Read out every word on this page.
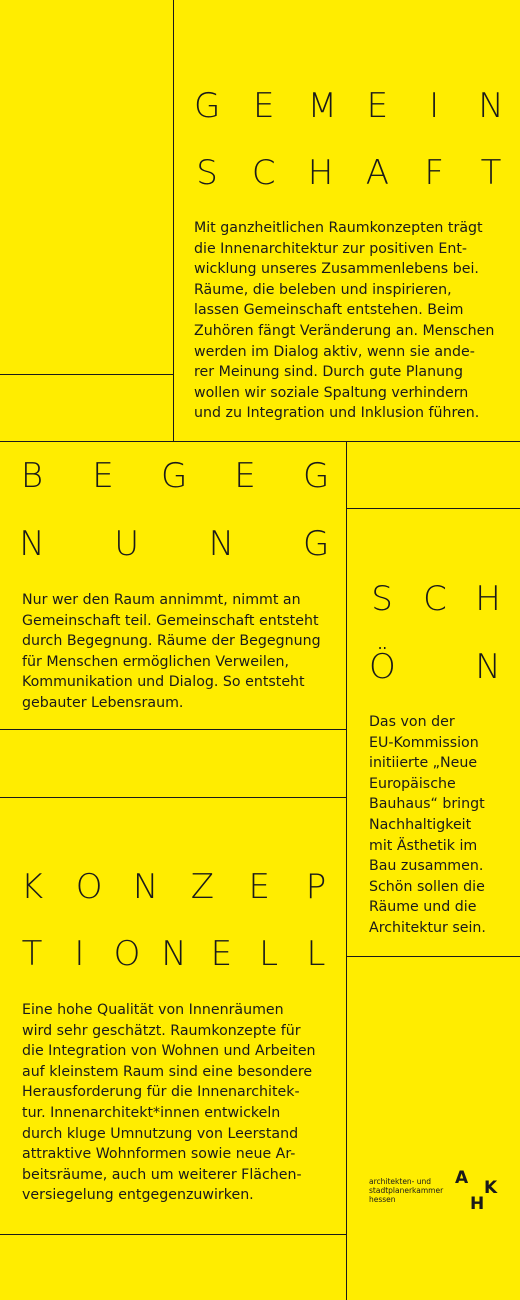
G E M E I N
S C H A F T
Mit ganzheitlichen Raumkonzepten trägt
die Innenarchitektur zur positiven Ent-
wicklung unseres Zusammenlebens bei.
Räume, die beleben und inspirieren,
lassen Gemeinschaft entstehen. Beim
Zuhören fängt Veränderung an. Menschen
werden im Dialog aktiv, wenn sie ande-
rer Meinung sind. Durch gute Planung
wollen wir soziale Spaltung verhindern
und zu Integration und Inklusion führen.
B E G E G
N U N G
Nur wer den Raum annimmt, nimmt an
Gemeinschaft teil. Gemeinschaft entsteht
durch Begegnung. Räume der Begegnung
für Menschen ermöglichen Verweilen,
Kommunikation und Dialog. So entsteht
gebauter Lebensraum.
S C H
Ö N
Das von der
EU-Kommission
initiierte „Neue
Europäische
Bauhaus“ bringt
Nachhaltigkeit
mit Ästhetik im
Bau zusammen.
Schön sollen die
Räume und die
Architektur sein.
K O N Z E P
T I O N E L L
Eine hohe Qualität von Innenräumen
wird sehr geschätzt. Raumkonzepte für
die Integration von Wohnen und Arbeiten
auf kleinstem Raum sind eine besondere
Herausforderung für die Innenarchitek-
tur. Innenarchitekt*innen entwickeln
durch kluge Umnutzung von Leerstand
attraktive Wohnformen sowie neue Ar-
beitsräume, auch um weiterer Flächen-
versiegelung entgegenzuwirken.
architekten- und
stadtplanerkammer
hessen
A K
H
